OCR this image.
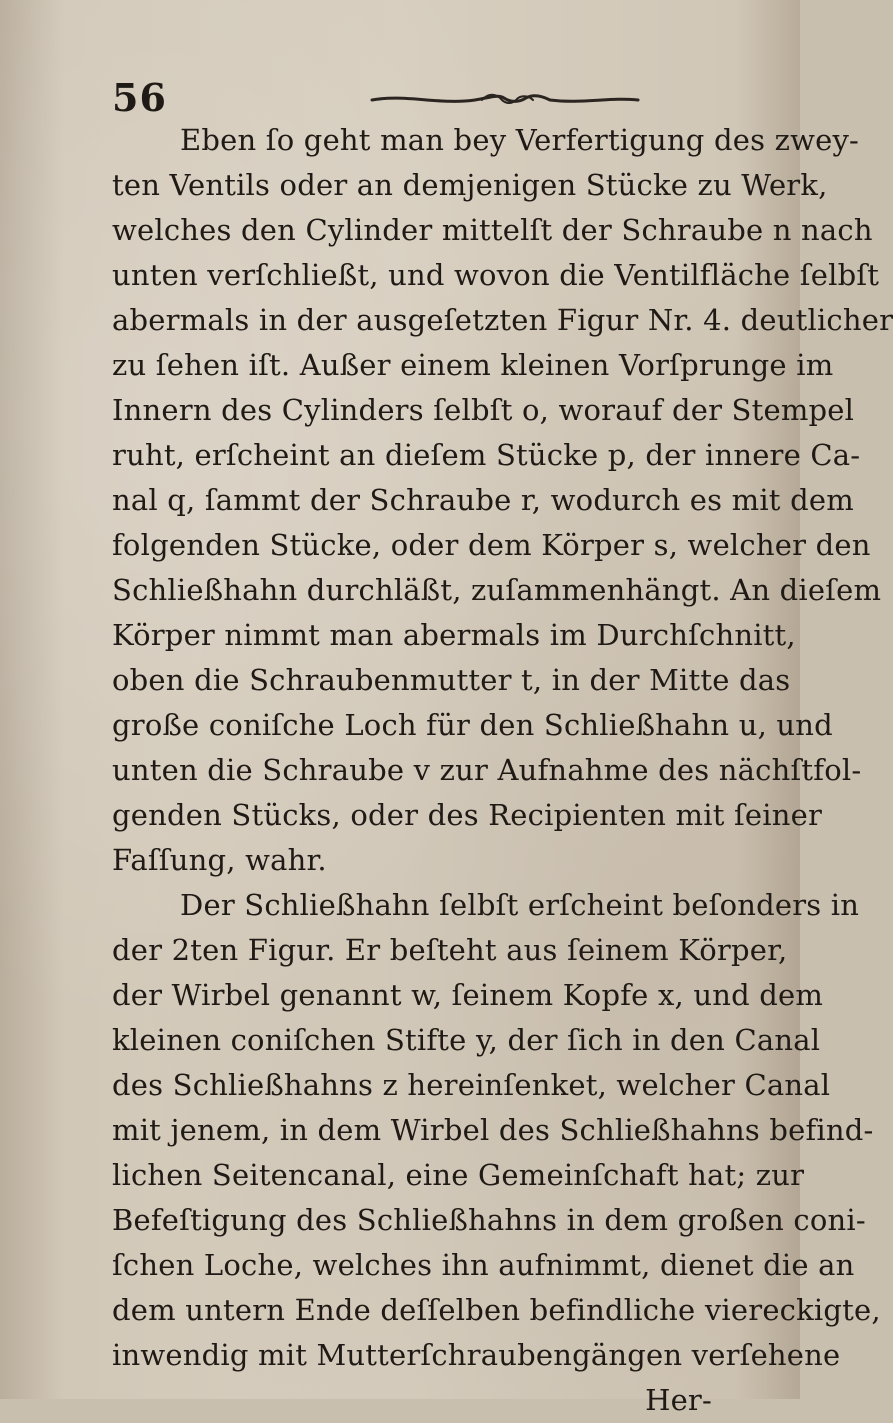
56
Eben ſo geht man bey Verfertigung des zwey-
ten Ventils oder an demjenigen Stücke zu Werk,
welches den Cylinder mittelſt der Schraube n nach
unten verſchließt, und wovon die Ventilfläche ſelbſt
abermals in der ausgeſetzten Figur Nr. 4. deutlicher
zu ſehen iſt. Außer einem kleinen Vorſprunge im
Innern des Cylinders ſelbſt o, worauf der Stempel
ruht, erſcheint an dieſem Stücke p, der innere Ca-
nal q, ſammt der Schraube r, wodurch es mit dem
folgenden Stücke, oder dem Körper s, welcher den
Schließhahn durchläßt, zuſammenhängt. An dieſem
Körper nimmt man abermals im Durchſchnitt,
oben die Schraubenmutter t, in der Mitte das
große coniſche Loch für den Schließhahn u, und
unten die Schraube v zur Aufnahme des nächſtfol-
genden Stücks, oder des Recipienten mit ſeiner
Faſſung, wahr.
Der Schließhahn ſelbſt erſcheint beſonders in
der 2ten Figur. Er beſteht aus ſeinem Körper,
der Wirbel genannt w, ſeinem Kopfe x, und dem
kleinen coniſchen Stifte y, der ſich in den Canal
des Schließhahns z hereinſenket, welcher Canal
mit jenem, in dem Wirbel des Schließhahns befind-
lichen Seitencanal, eine Gemeinſchaft hat; zur
Befeſtigung des Schließhahns in dem großen coni-
ſchen Loche, welches ihn aufnimmt, dienet die an
dem untern Ende deſſelben befindliche viereckigte,
inwendig mit Mutterſchraubengängen verſehene
Her-
